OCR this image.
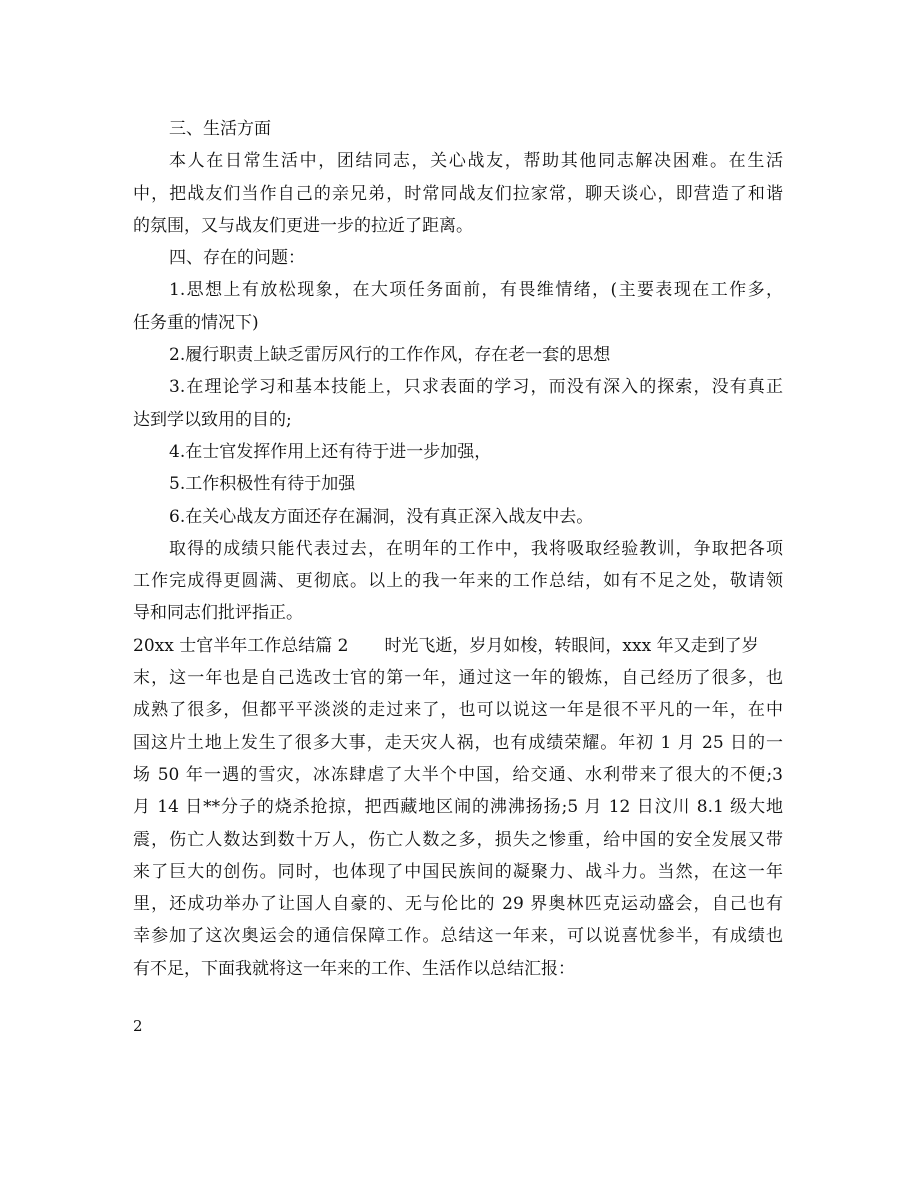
三、生活方面
本人在日常生活中，团结同志，关心战友，帮助其他同志解决困难。在生活
中，把战友们当作自己的亲兄弟，时常同战友们拉家常，聊天谈心，即营造了和谐
的氛围，又与战友们更进一步的拉近了距离。
四、存在的问题：
1.思想上有放松现象，在大项任务面前，有畏维情绪，(主要表现在工作多，
任务重的情况下)
2.履行职责上缺乏雷厉风行的工作作风，存在老一套的思想
3.在理论学习和基本技能上，只求表面的学习，而没有深入的探索，没有真正
达到学以致用的目的;
4.在士官发挥作用上还有待于进一步加强，
5.工作积极性有待于加强
6.在关心战友方面还存在漏洞，没有真正深入战友中去。
取得的成绩只能代表过去，在明年的工作中，我将吸取经验教训，争取把各项
工作完成得更圆满、更彻底。以上的我一年来的工作总结，如有不足之处，敬请领
导和同志们批评指正。
20xx 士官半年工作总结篇 2 时光飞逝，岁月如梭，转眼间，xxx 年又走到了岁
末，这一年也是自己选改士官的第一年，通过这一年的锻炼，自己经历了很多，也
成熟了很多，但都平平淡淡的走过来了，也可以说这一年是很不平凡的一年，在中
国这片土地上发生了很多大事，走天灾人祸，也有成绩荣耀。年初 1 月 25 日的一
场 50 年一遇的雪灾，冰冻肆虐了大半个中国，给交通、水利带来了很大的不便;3
月 14 日**分子的烧杀抢掠，把西藏地区闹的沸沸扬扬;5 月 12 日汶川 8.1 级大地
震，伤亡人数达到数十万人，伤亡人数之多，损失之惨重，给中国的安全发展又带
来了巨大的创伤。同时，也体现了中国民族间的凝聚力、战斗力。当然，在这一年
里，还成功举办了让国人自豪的、无与伦比的 29 界奥林匹克运动盛会，自己也有
幸参加了这次奥运会的通信保障工作。总结这一年来，可以说喜忧参半，有成绩也
有不足，下面我就将这一年来的工作、生活作以总结汇报：
2
